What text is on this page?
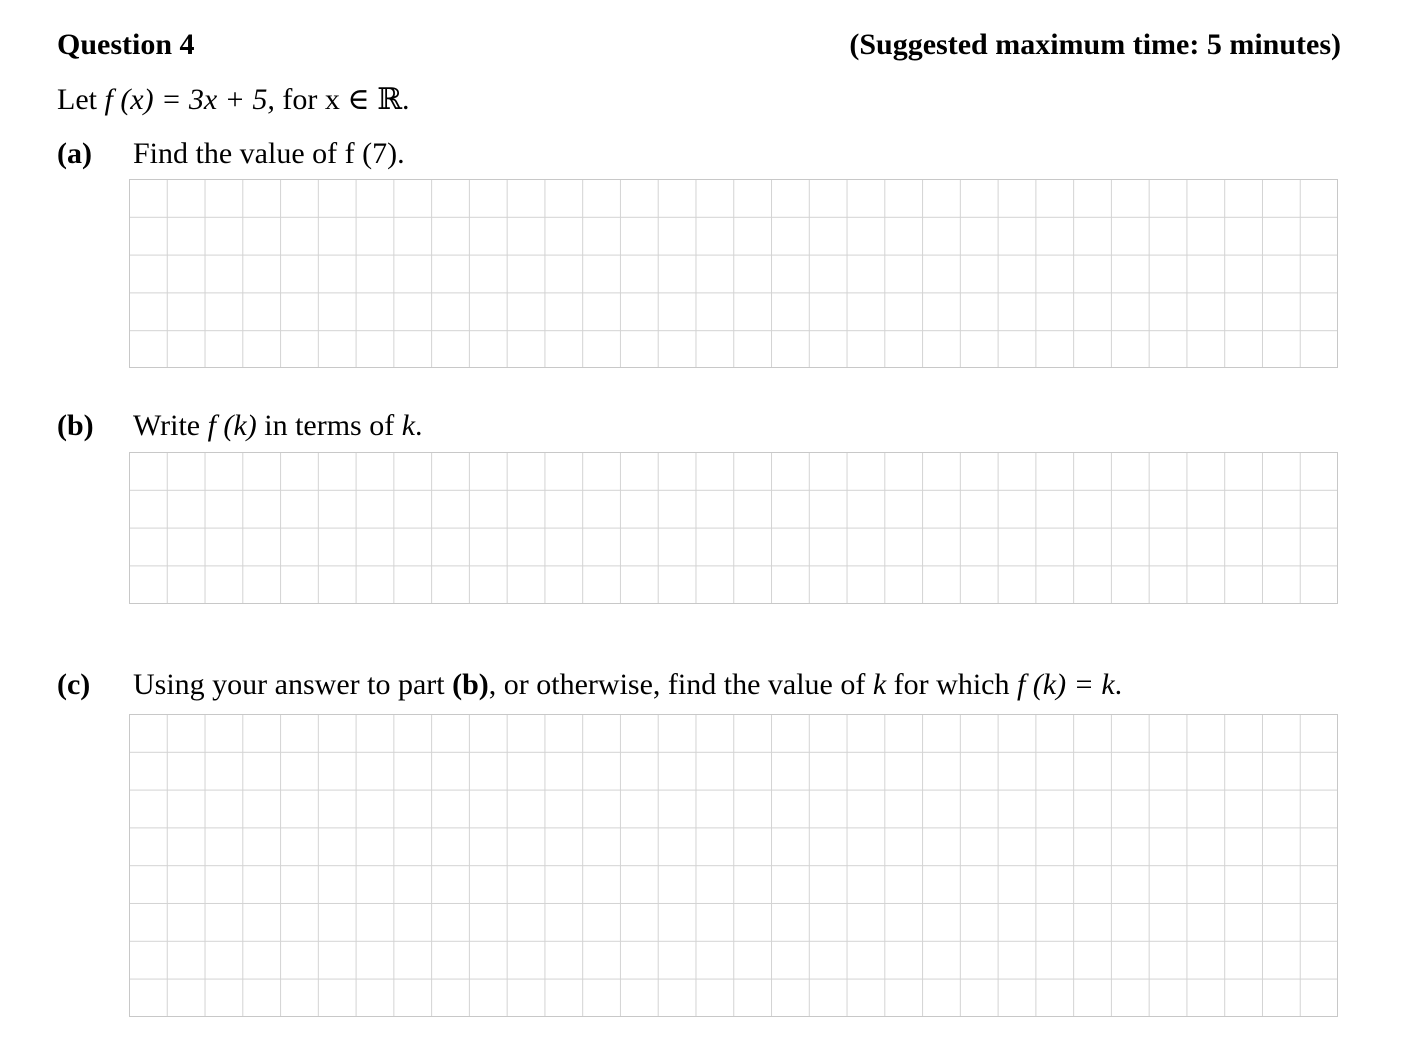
Question 4	(Suggested maximum time: 5 minutes)
Let f (x) = 3x + 5, for x ∈ ℝ.
(a) Find the value of f (7).
(b) Write f (k) in terms of k.
(c) Using your answer to part (b), or otherwise, find the value of k for which f (k) = k.
